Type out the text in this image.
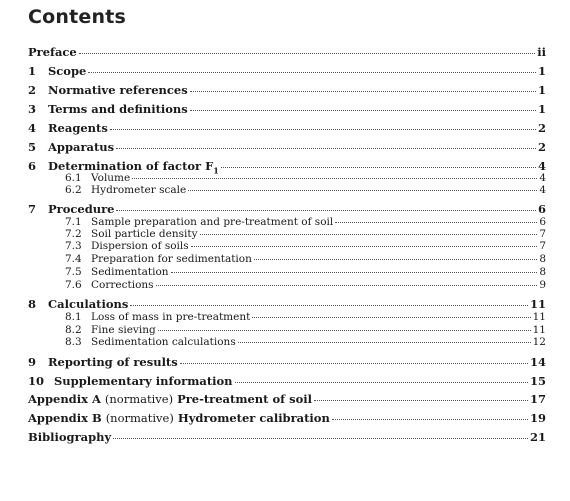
Contents
Preface	ii
1	Scope	1
2	Normative references	1
3	Terms and definitions	1
4	Reagents	2
5	Apparatus	2
6	Determination of factor $F_1$	4
6.1 Volume	4
6.2 Hydrometer scale	4
7	Procedure	6
7.1 Sample preparation and pre-treatment of soil	6
7.2 Soil particle density	7
7.3 Dispersion of soils	7
7.4 Preparation for sedimentation	8
7.5 Sedimentation	8
7.6 Corrections	9
8	Calculations	11
8.1 Loss of mass in pre-treatment	11
8.2 Fine sieving	11
8.3 Sedimentation calculations	12
9	Reporting of results	14
10 Supplementary information	15
Appendix A (normative) Pre-treatment of soil	17
Appendix B (normative) Hydrometer calibration	19
Bibliography	21
